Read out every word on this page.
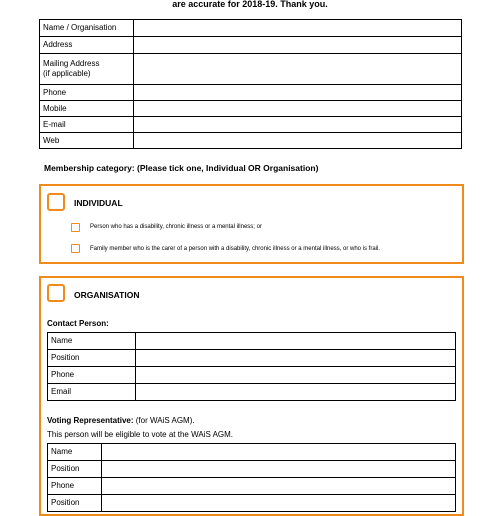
are accurate for 2018-19. Thank you.
Name / Organisation	
Address	

Mailing Address
(if applicable)	

Phone	
Mobile	
E-mail	
Web	
Membership category: (Please tick one, Individual OR Organisation)
INDIVIDUAL
Person who has a disability, chronic illness or a mental illness; or
Family member who is the carer of a person with a disability, chronic illness or a mental illness, or who is frail.
ORGANISATION
Contact Person:
Name	
Position	
Phone	
Email	
Voting Representative: (for WAiS AGM).
This person will be eligible to vote at the WAiS AGM.
Name	
Position	
Phone	
Position	
